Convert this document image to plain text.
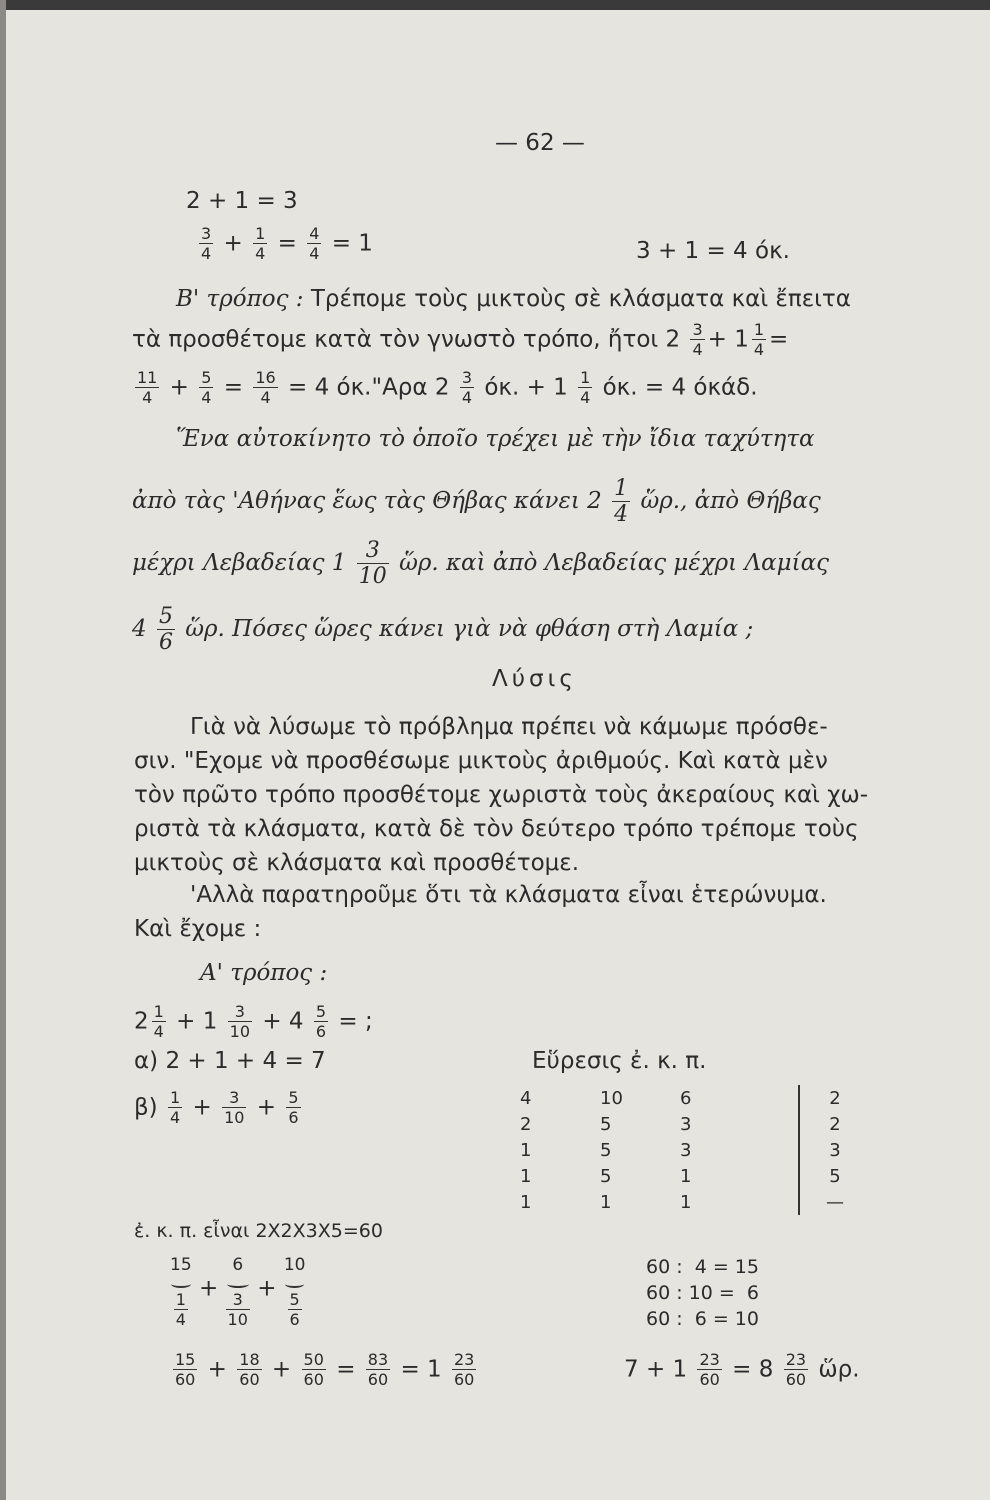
— 62 —
2 + 1 = 3
$\frac{3}{4} + \frac{1}{4} = \frac{4}{4} = 1$	3 + 1 = 4 όκ.
Β' τρόπος : Τρέπομε τοὺς μικτοὺς σὲ κλάσματα καὶ ἔπειτα
τὰ προσθέτομε κατὰ τὸν γνωστὸ τρόπο, ἤτοι $2 \frac{3}{4} + 1 \frac{1}{4}$ =
$\frac{11}{4} + \frac{5}{4} = \frac{16}{4} = 4$ όκ."Αρα $2 \frac{3}{4} ό\kappa$. + $1 \frac{1}{4} ό\kappa$. = 4 όκάδ.
Ἕνα αὐτοκίνητο τὸ ὁποῖο τρέχει μὲ τὴν ἴδια ταχύτητα
ἀπὸ τὰς 'Αθήνας ἕως τὰς Θήβας κάνει $2 \frac{1}{4}$ ὥρ., ἀπὸ Θήβας
μέχρι Λεβαδείας $1 \frac{3}{10}$ ὥρ. καὶ ἀπὸ Λεβαδείας μέχρι Λαμίας
$4 \frac{5}{6}$ ὥρ. Πόσες ὥρες κάνει γιὰ νὰ φθάση στὴ Λαμία ;
Λύσις
Γιὰ νὰ λύσωμε τὸ πρόβλημα πρέπει νὰ κάμωμε πρόσθε-
σιν. "Εχομε νὰ προσθέσωμε μικτοὺς ἀριθμούς. Καὶ κατὰ μὲν
τὸν πρῶτο τρόπο προσθέτομε χωριστὰ τοὺς ἀκεραίους καὶ χω-
ριστὰ τὰ κλάσματα, κατὰ δὲ τὸν δεύτερο τρόπο τρέπομε τοὺς
μικτοὺς σὲ κλάσματα καὶ προσθέτομε.
'Αλλὰ παρατηροῦμε ὅτι τὰ κλάσματα εἶναι ἑτερώνυμα.
Καὶ ἔχομε :
Α' τρόπος :
$2 \frac{1}{4} + 1 \frac{3}{10} + 4 \frac{5}{6}$ = ;
α) 2 + 1 + 4 = 7
$\beta) \frac{1}{4} + \frac{3}{10} + \frac{5}{6}$
Εὕρεσις ἐ. κ. π.
4	10	6		2
2	5	3		2
1	5	3		3
1	5	1		5
1	1	1		—
ἐ. κ. π. εἶναι 2Χ2Χ3Χ5=60
15
$\frac{1}{4}$
+
6
$\frac{3}{10}$
+
10
$\frac{5}{6}$
60 :  4 = 15
60 : 10 =  6
60 :  6 = 10
$\frac{15}{60} + \frac{18}{60} + \frac{50}{60} = \frac{83}{60} = 1 \frac{23}{60}$	$7 + 1 \frac{23}{60} = 8 \frac{23}{60}$ ὥρ.
